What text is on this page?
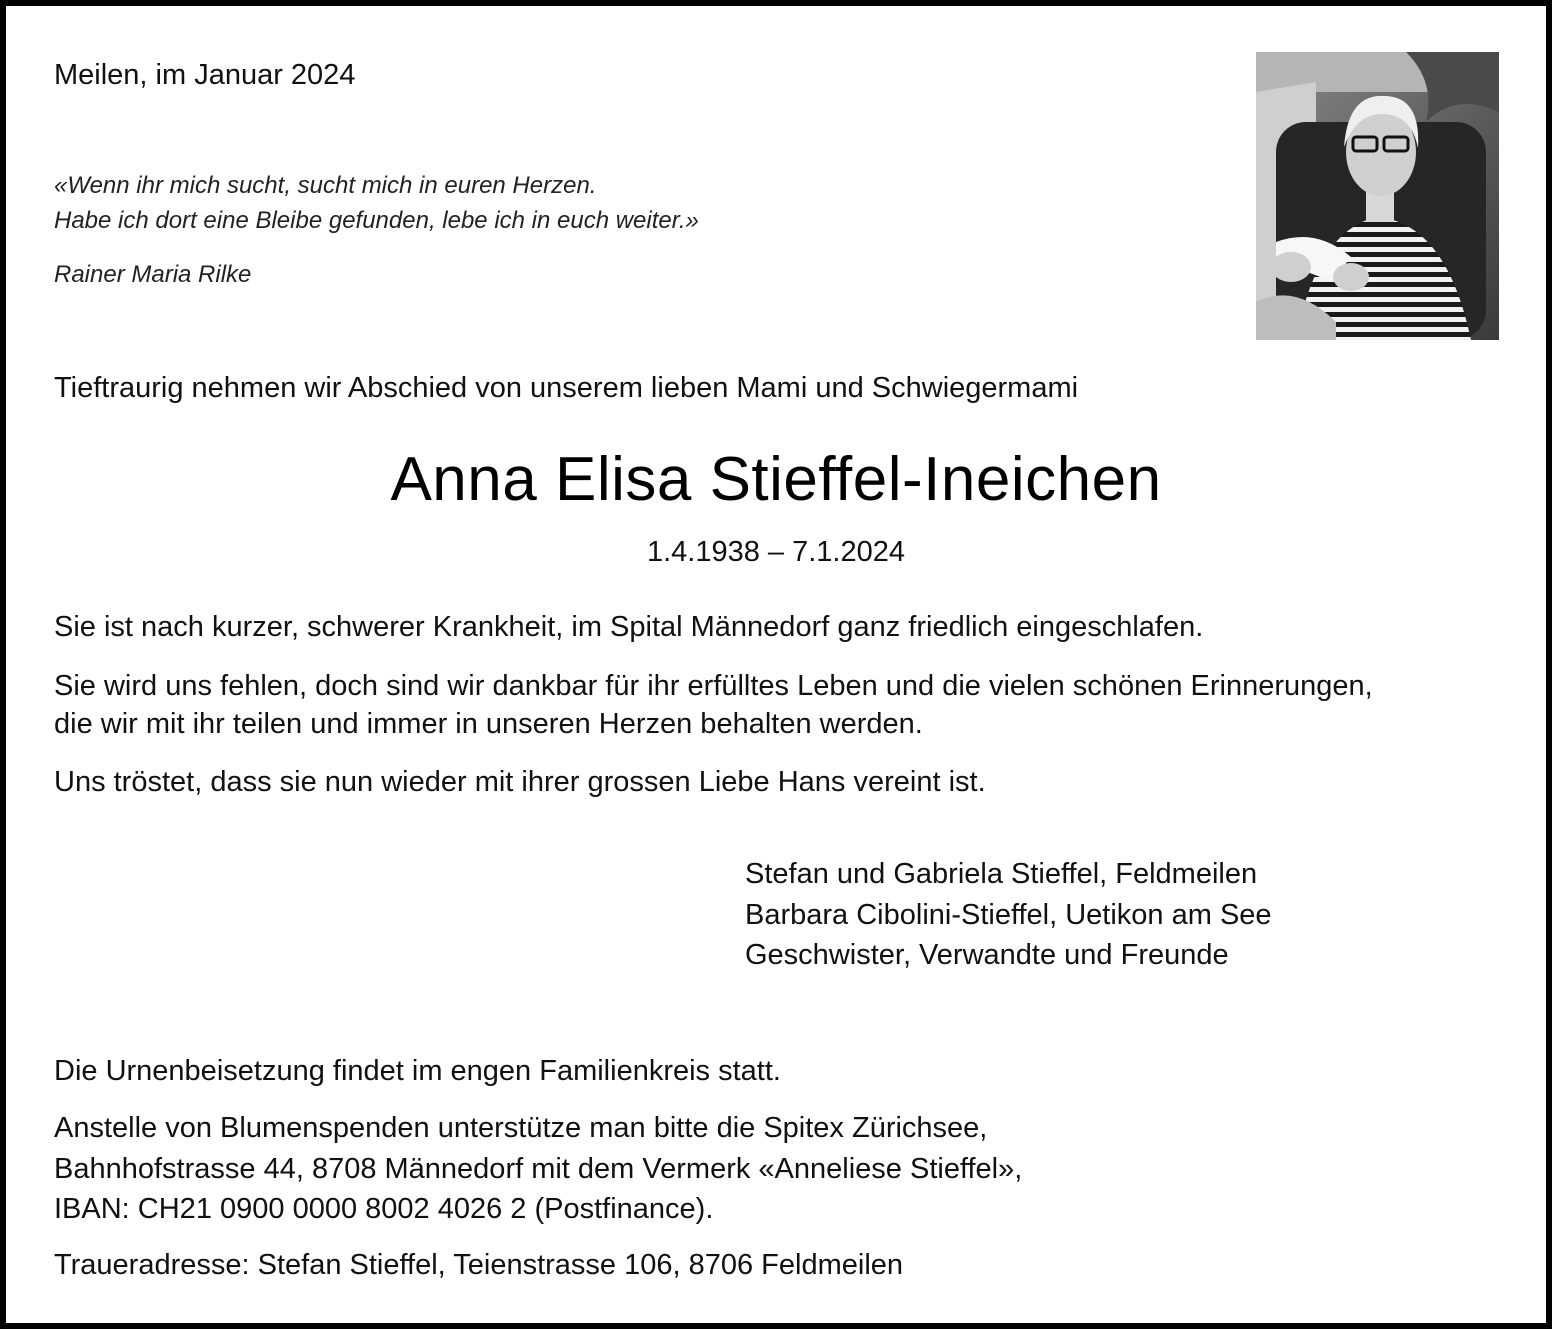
Meilen, im Januar 2024

«Wenn ihr mich sucht, sucht mich in euren Herzen.

Habe ich dort eine Bleibe gefunden, lebe ich in euch weiter.»

Rainer Maria Rilke

Tieftraurig nehmen wir Abschied von unserem lieben Mami und Schwiegermami

Anna Elisa Stieffel-Ineichen

1.4.1938 – 7.1.2024

Sie ist nach kurzer, schwerer Krankheit, im Spital Männedorf ganz friedlich eingeschlafen.

Sie wird uns fehlen, doch sind wir dankbar für ihr erfülltes Leben und die vielen schönen Erinnerungen,

die wir mit ihr teilen und immer in unseren Herzen behalten werden.

Uns tröstet, dass sie nun wieder mit ihrer grossen Liebe Hans vereint ist.

Stefan und Gabriela Stieffel, Feldmeilen

Barbara Cibolini-Stieffel, Uetikon am See

Geschwister, Verwandte und Freunde

Die Urnenbeisetzung findet im engen Familienkreis statt.

Anstelle von Blumenspenden unterstütze man bitte die Spitex Zürichsee,

Bahnhofstrasse 44, 8708 Männedorf mit dem Vermerk «Anneliese Stieffel»,

IBAN: CH21 0900 0000 8002 4026 2 (Postfinance).

Traueradresse: Stefan Stieffel, Teienstrasse 106, 8706 Feldmeilen
